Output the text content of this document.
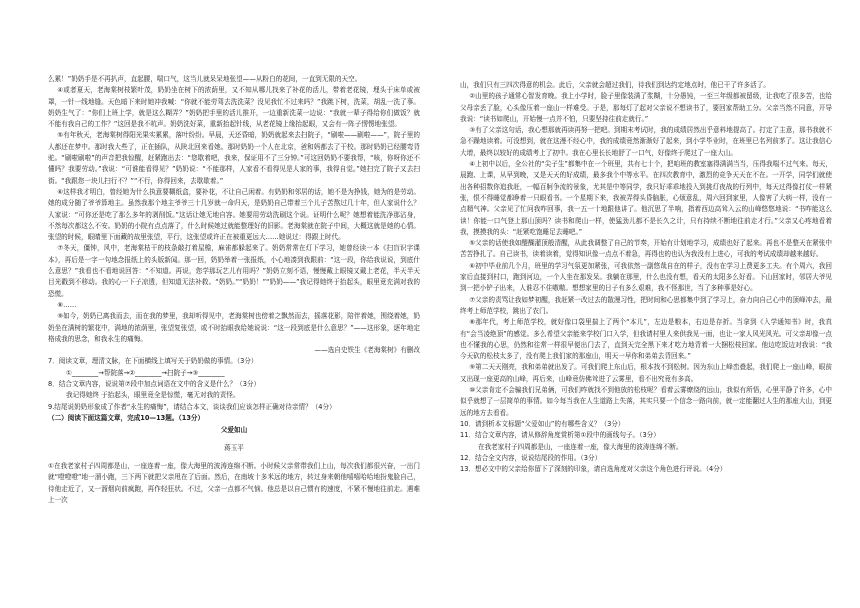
么累！”奶奶手是不再扒声，直起腰，喘口气，这当儿就呆呆地张望——从粉白的花间，一直到无限的天空。

④或者夏天，老海棠树枝繁叶茂，奶奶坐在树下的浓荫里，又不知从哪儿找来了补花的活儿，带着老花镜，埋头于床单或被罩，一针一线地缝。天色暗下来时她冲我喊：“你就不能劳驾去洗洗菜？没见我忙不过来吗？”我跳下树，洗菜，胡乱一洗了事。奶奶生气了：“你们上班上学，就是这么糊弄？”奶奶把手里的活儿推开，一边重新洗菜一边说：“我就一辈子得给你们做饭？就不能有我自己的工作？”这回是我不吭声。奶奶洗好菜，重新抬起针线，从老花镜上缘抬起眼，又会有一阵子愣愣地张望。

⑤有年秋天，老海棠树得阳光果实累累，落叶纷纷。早晨，天还昏暗，奶奶就起来去扫院子，“刷啦——刷啦——”，院子里的人都还在梦中。那时我大些了，正在插队，从陕北回来看她。那时奶奶一个人在北京，爸和妈都去了干校。那时奶奶已经腰弯背驼。“刷啦刷啦”的声音把我惊醒，赶紧跑出去：“您歇着吧，我来，保证用不了三分钟。”可这回奶奶不要我帮，“咳，你呀你还不懂吗？我要劳动。”我说：“可谁能看得见？”奶奶说：“不能那样，人家看不看得见是人家的事，我得自觉。”她扫完了院子又去扫街。“我跟您一块儿扫行不？”“不行，你得回来，去歇歇着。”

⑥这样我才明白，曾经她为什么执意要糊纸盒，要补花，不让自己闲着。有奶奶和邻居的话，她不是为挣钱，她为的是劳动。她的成分随了爷爷算地主。虽然我那个地主爷爷三十几岁就一命归天，是奶奶自己带着三个儿子苦熬过几十年，但人家说什么？人家说：“可你还是吃了那么多年的剥削饭。”这话让她无地自容。她要用劳动洗刷这个说。证明什么呢？她想着能洗净那沾身，不然每次都这么不安。奶奶的小院有点点落了，什么时候她过就能整理好的旧影。老海棠就在院子中间，大概这就是她的心情。张望的时候，眼睛里下面藏的故里张望，平行，这张望或许正在被重更远大……她说过：得跟上时代。

⑦冬天，僵钟，风中，老海棠枯干的枝条敲打着屋檐，麻雀都躲起来了。奶奶常常在灯下学习，她曾经读一本《扫盲识字课本》，再后是一字一句地念报纸上的头版新闻。那一回，奶奶举着一张报纸，小心地凑到我跟前：“这一段，你给我说说，到底什么意思？”我看也不看地说回答：“不知道。再说，您学那玩艺儿有用吗？”奶奶立刻不语，慢慢戴上眼镜又戴上老花，半天半天目光戳到不移动。我的心一下子凉透，但知道无法补救。“奶奶。”“奶奶！”“奶奶——”我记得她终于抬起头，眼里竟充满对我的恐慌。

⑧……

⑨如今，奶奶已离我而去，而在我的梦里，我却听得见中，老海棠树也傍着之飘然而去，摇落花影，陪伴着她，围绕着她，奶奶坐在满树的繁花中，满地的浓荫里，张望复张望，或不时抬眼我给她说说：“这一段到底是什么意思？”——这形象，逐年地定格成我的思念，和我永生的痛悔。

——选自史铁生《老海棠树》有删改

7．阅读文章，理清文脉，在下面横线上填写关于奶奶做的事情。（3分）

①________→帮院落→②________→扫院子→③________

8．结合文章内容，说说第⑦段中加点词语在文中的含义是什么？（3分）

我记得她终 于抬起头，眼里竟全是惊慌，毫无对我的责怪。

9.结尾说奶奶形象成了作者“永生的痛悔”，请结合本文，谈谈我们应该怎样正确对待亲情？（4分）

（二）阅读下面这篇文章，完成10—13题。（13分）

父爱如山

蒋玉平

①在我老家村子四周都是山，一座连着一座，像大海里的波涛连绵不断。小时候父亲常带我们上山，每次我们都很兴奋，一出门就“噔噔噔”地一溜小跑，三下两下就把父亲甩在了后面。然后，在南坡十多米远的地方，转过身来朝他嘻嘻哈哈地扮鬼脸自己，待他走近了，又一溜烟向前疯跑，再作轻狂状。不过，父亲一点都不气恼。他总是以自己惯有的速度，不紧不慢地往前走。遇难上一次

山，我们只有三四次得意的机会。此后，父亲就会超过我们，待我们到达约定地点时，他已干了许多活了。

②山里的孩子通常心智发育晚。我上小学时，脸子里像装满了浆糊，十分愚钝，一至三年级都被留级，让我吃了很多苦，也给父母亲丢了脸，心头像压着一座山一样难受。于是，那每灯了起对父亲说不想读书了，要回家帮助工分。父亲当然不同意，开导我说：“读书如爬山，开始慢一点并不怕，只要坚持往前走就行。”

③有了父亲这句话，我心想那就再读再努一把吧。到期末考试时，我的成绩居然出乎意料地提高了。打定了主意，那书我就不急不躁地读着。可没想到，就在这漫不经心中，我的成绩竟然渐渐好了起来，到小学毕业时，在班里已名列前茅了。这让我信心大增，最终以较好的成绩考上了初中。我在心里长长地舒了一口气，好像终于爬过了一座大山。

④上初中以后，全公社的“尖子生”都集中在一个班里，共有七十个，把咱班的教室塞得满满当当，压得我喘不过气来。每天，晨跑、上课，从早到晚，又是天天的好成绩，最多我个中等水平。在四次教育中，激烈的竞争天天在不在。一开学，同学们就使出各种招数你追我赶，一幅百舸争流的景象，尤其是中等同学，我只好乖乖地投入到挑灯夜战的行列中，每天过得像打仗一样紧张，恨不得睡觉都睁着一只眼看书。一个星期下来，我被弄得头昏脑胀，心烦意乱，周六回到家里，人像害了大病一样，没有一点精气神。父亲见了忙问我咋回事，我一五一十地跟他讲了。他沉思了半响，指着西边高耸入云的山峰悠悠地说：“书咋能这么读！你能一口气登上那山顶吗？读书和爬山一样，使猛劲儿都不是长久之计，只有持续不断地往前走才行。”父亲又心疼地看着我，摸摸我的头：“赶紧吃饱睡足去睡吧。”

⑤父亲的话使我如醍醐灌顶般清醒，从此我调整了自己的节奏，开始有计划地学习，成绩也好了起来。再也不是整天在紧张中苦苦挣扎了。自己读书，读着读着，觉得知识像一点点不着急，再得也的也认为我没有上进心，可我的考试成绩却越来越好。

⑥初中毕业前几个月，班里的学习气氛更加紧张，可我依然一副悠哉自在的样子，没有在学习上费更多工夫。有个周六，我回家后直接到村口，跑到河边，一个人坐在那发呆。我躺在那里，什么也没有想，看天的太阳多么好看。下山回家时，邻居大爷见到一把小铲子出来，人谁忍不住嗷嗷。想想家里的日子有多么艰难，我不怪那世，当了多种事是好心。

⑦父亲的责骂让我如梦初醒，我赶紧一改过去的散漫习性，把时间和心思都集中到了学习上，奋力向自己心中的顶峰冲去，最终考上师范学校，跳出了农门。

⑧那年代，考上师范学校，就好像口袋里揣上了两个“本儿”，左边是粮本，右边是存折。当拿到《入学通知书》时，我真有“会当凌绝顶”的感觉。多么希望父亲能来学校门口入学，但我请村里人来供我见一面，也让一家人风光风光。可父亲却像一点也不懂我的心思，仍然和往常一样很早便出门去了，直到天完全黑下来才吃力地背着一大捆松枝回家。他边吃饭边对我说：“我今天砍的松枝太多了，没有爬上我们家的那座山，明天一早你和弟弟去背回来。”

⑨第二天天刚亮，我和弟弟就出发了。可我们爬上东山后，根本找不到松树。因为东山上峰峦叠起，我们爬上一座山峰，眼前又出现一座更高的山峰，再后来，山峰竟仿佛耸进了云雾里，看不出究竟有多高。

⑩父亲肯定不会骗我们兄弟俩，可我们咋就找不到他放的松枝呢？看着云雾缭绕的远山，我似有所悟，心里平静了许多，心中似乎就想了一层简单的事情。如今每当我在人生道路上失落，其实只要一个信念一路向前，就一定能翻过人生的那座大山，到更远的地方去看看。

10．请到析本文标题“父爱如山”的有哪些含义？（3分）

11．结合文章内容，请从修辞角度赏析第①段中的画线句子。（3分）

在我老家村子四周都是山，一座连着一座，像大海里的波涛连绵不断。

12．结合全文内容，说说结尾段的作用。（3分）

13．想必文中的父亲给你留下了深刻的印象，请自选角度对父亲这个角色进行评说。（4分）
